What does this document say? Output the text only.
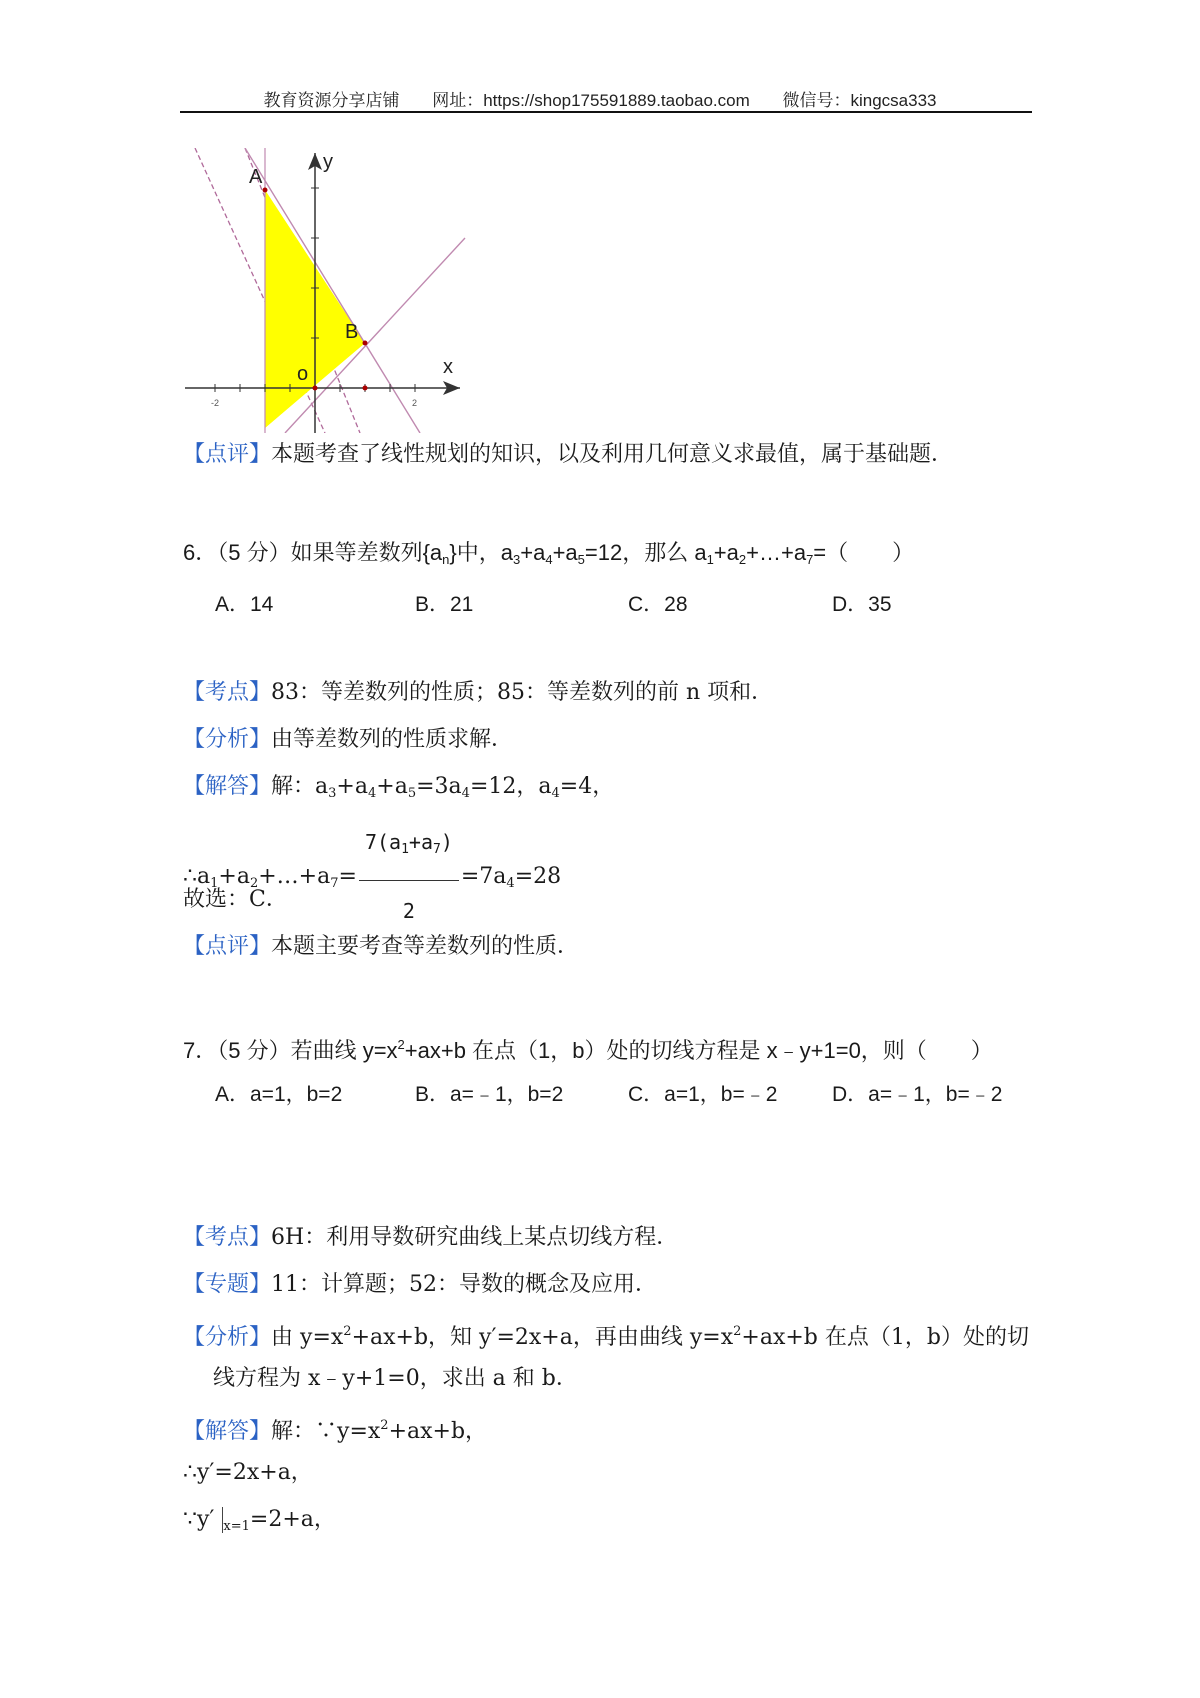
教育资源分享店铺 网址：https://shop175591889.taobao.com 微信号：kingcsa333
A
B
o	x
y
-2	2
【点评】本题考查了线性规划的知识，以及利用几何意义求最值，属于基础题．
6．（5 分）如果等差数列$\{a_n\}$中，$a_3+a_4+a_5=12$，那么 $a_1+a_2+\dots+a_7=$（　　）
A．14	B．21	C．28	D．35
【考点】83：等差数列的性质；85：等差数列的前 n 项和．
【分析】由等差数列的性质求解．
【解答】解：$a_3+a_4+a_5=3a_4=12$，$a_4=4$，
$\therefore a_1+a_2+\dots+a_7= \frac{7(a_1+a_7)}{2} =7a_4=28$
故选：C．
【点评】本题主要考查等差数列的性质．
7．（5 分）若曲线 $y=x^2+ax+b$ 在点（1，b）处的切线方程是 x﹣y+1=0，则（　　）
A．a=1，b=2	B．a=﹣1，b=2	C．a=1，b=﹣2	D．a=﹣1，b=﹣2
【考点】6H：利用导数研究曲线上某点切线方程．
【专题】11：计算题；52：导数的概念及应用．
【分析】由 $y=x^2+ax+b$，知 y′=2x+a，再由曲线 $y=x^2+ax+b$ 在点（1，b）处的切
线方程为 x﹣y+1=0，求出 a 和 b．
【解答】解：$\because y=x^2+ax+b$，
∴y′=2x+a，
∵y′ $_{x=1}$=2+a，
